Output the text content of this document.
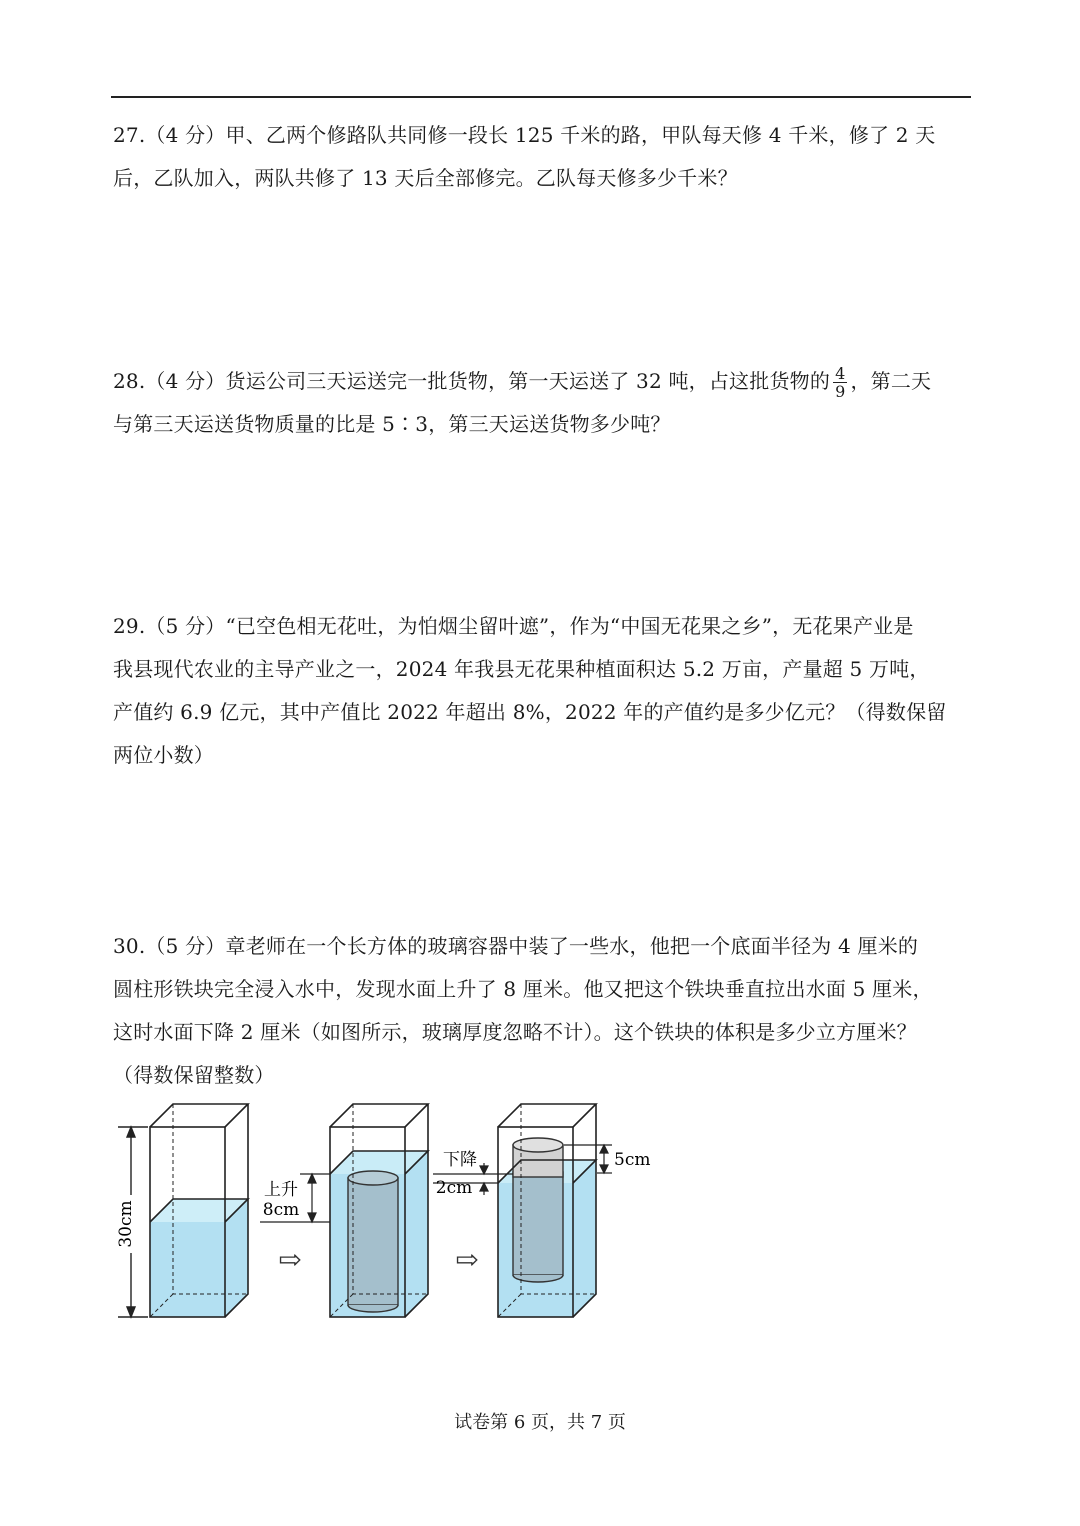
27.（4 分）甲、乙两个修路队共同修一段长 125 千米的路，甲队每天修 4 千米，修了 2 天
后，乙队加入，两队共修了 13 天后全部修完。乙队每天修多少千米？
28.（4 分）货运公司三天运送完一批货物，第一天运送了 32 吨，占这批货物的 $\frac{4}{9}$ ，第二天
与第三天运送货物质量的比是 5∶3，第三天运送货物多少吨？
29.（5 分）“已空色相无花吐，为怕烟尘留叶遮”，作为“中国无花果之乡”，无花果产业是
我县现代农业的主导产业之一，2024 年我县无花果种植面积达 5.2 万亩，产量超 5 万吨，
产值约 6.9 亿元，其中产值比 2022 年超出 8%，2022 年的产值约是多少亿元？（得数保留
两位小数）
30.（5 分）章老师在一个长方体的玻璃容器中装了一些水，他把一个底面半径为 4 厘米的
圆柱形铁块完全浸入水中，发现水面上升了 8 厘米。他又把这个铁块垂直拉出水面 5 厘米，
这时水面下降 2 厘米（如图所示，玻璃厚度忽略不计）。这个铁块的体积是多少立方厘米？
（得数保留整数）
30cm
⇨
上升
8cm
⇨
下降
2cm
5cm
试卷第 6 页，共 7 页
